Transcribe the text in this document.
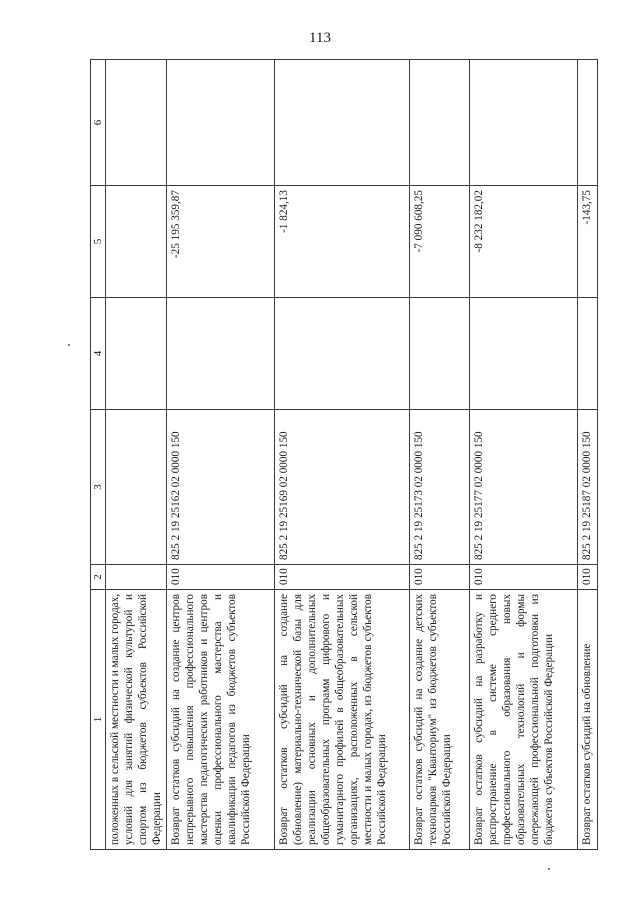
113
1	2	3	4	5	6
положенных в сельской местности и малых городах, условий для занятий физической культурой и спортом из бюджетов субъектов Российской Федерации					
Возврат остатков субсидий на создание центров непрерывного повышения профессионального мастерства педагогических работников и центров оценки профессионального мастерства и квалификации педагогов из бюджетов субъектов Российской Федерации	010	825 2 19 25162 02 0000 150		-25 195 359,87	
Возврат остатков субсидий на создание (обновление) материально-технической базы для реализации основных и дополнительных общеобразовательных программ цифрового и гуманитарного профилей в общеобразовательных организациях, расположенных в сельской местности и малых городах, из бюджетов субъектов Российской Федерации	010	825 2 19 25169 02 0000 150		-1 824,13	
Возврат остатков субсидий на создание детских технопарков "Кванториум" из бюджетов субъектов Российской Федерации	010	825 2 19 25173 02 0000 150		-7 090 608,25	
Возврат остатков субсидий на разработку и распространение в системе среднего профессионального образования новых образовательных технологий и формы опережающей профессиональной подготовки из бюджетов субъектов Российской Федерации	010	825 2 19 25177 02 0000 150		-8 232 182,02	
Возврат остатков субсидий на обновление	010	825 2 19 25187 02 0000 150		-143,75	
